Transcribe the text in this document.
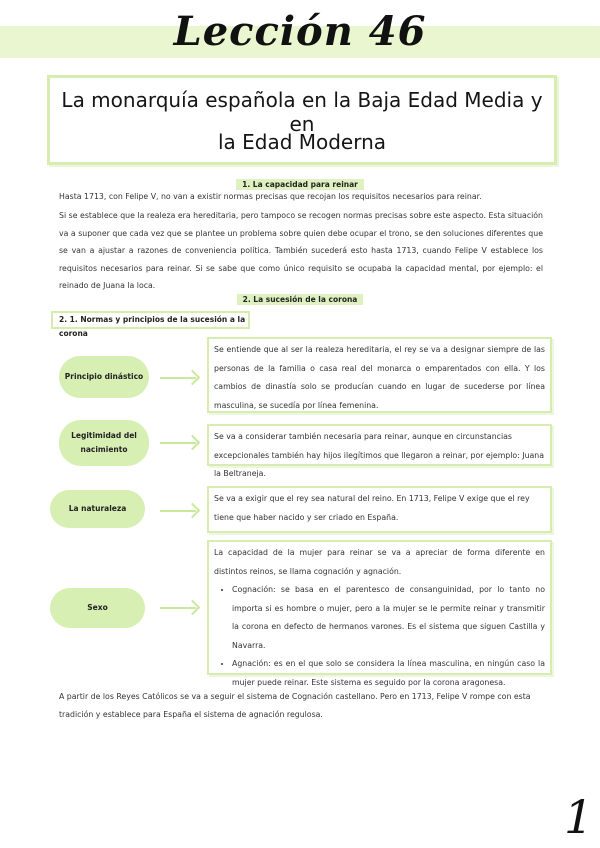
Lección 46
La monarquía española en la Baja Edad Media y en
la Edad Moderna
1. La capacidad para reinar
Hasta 1713, con Felipe V, no van a existir normas precisas que recojan los requisitos necesarios para reinar.
Si se establece que la realeza era hereditaria, pero tampoco se recogen normas precisas sobre este aspecto. Esta situación va a suponer que cada vez que se plantee un problema sobre quien debe ocupar el trono, se den soluciones diferentes que se van a ajustar a razones de conveniencia política. También sucederá esto hasta 1713, cuando Felipe V establece los requisitos necesarios para reinar. Si se sabe que como único requisito se ocupaba la capacidad mental, por ejemplo: el reinado de Juana la loca.
2. La sucesión de la corona
2. 1. Normas y principios de la sucesión a la corona
Principio dinástico
Se entiende que al ser la realeza hereditaria, el rey se va a designar siempre de las personas de la familia o casa real del monarca o emparentados con ella. Y los cambios de dinastía solo se producían cuando en lugar de sucederse por línea masculina, se sucedía por línea femenina.
Legitimidad del nacimiento
Se va a considerar también necesaria para reinar, aunque en circunstancias excepcionales también hay hijos ilegítimos que llegaron a reinar, por ejemplo: Juana la Beltraneja.
La naturaleza
Se va a exigir que el rey sea natural del reino. En 1713, Felipe V exige que el rey tiene que haber nacido y ser criado en España.
Sexo
La capacidad de la mujer para reinar se va a apreciar de forma diferente en distintos reinos, se llama cognación y agnación.
• Cognación: se basa en el parentesco de consanguinidad, por lo tanto no importa si es hombre o mujer, pero a la mujer se le permite reinar y transmitir la corona en defecto de hermanos varones. Es el sistema que siguen Castilla y Navarra.
• Agnación: es en el que solo se considera la línea masculina, en ningún caso la mujer puede reinar. Este sistema es seguido por la corona aragonesa.
A partir de los Reyes Católicos se va a seguir el sistema de Cognación castellano. Pero en 1713, Felipe V rompe con esta tradición y establece para España el sistema de agnación regulosa.
1
